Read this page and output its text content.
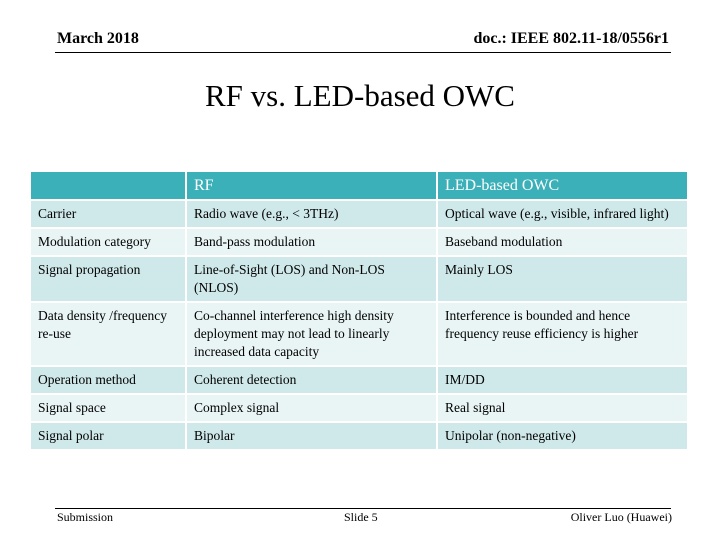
March 2018	doc.: IEEE 802.11-18/0556r1
RF vs. LED-based OWC
	RF	LED-based OWC
Carrier	Radio wave (e.g., < 3THz)	Optical wave (e.g., visible, infrared light)
Modulation category	Band-pass modulation	Baseband modulation
Signal propagation	Line-of-Sight (LOS) and Non-LOS (NLOS)	Mainly LOS
Data density /frequency re-use	Co-channel interference high density deployment may not lead to linearly increased data capacity	Interference is bounded and hence frequency reuse efficiency is higher
Operation method	Coherent detection	IM/DD
Signal space	Complex signal	Real signal
Signal polar	Bipolar	Unipolar (non-negative)
Submission	Slide 5	Oliver Luo (Huawei)
